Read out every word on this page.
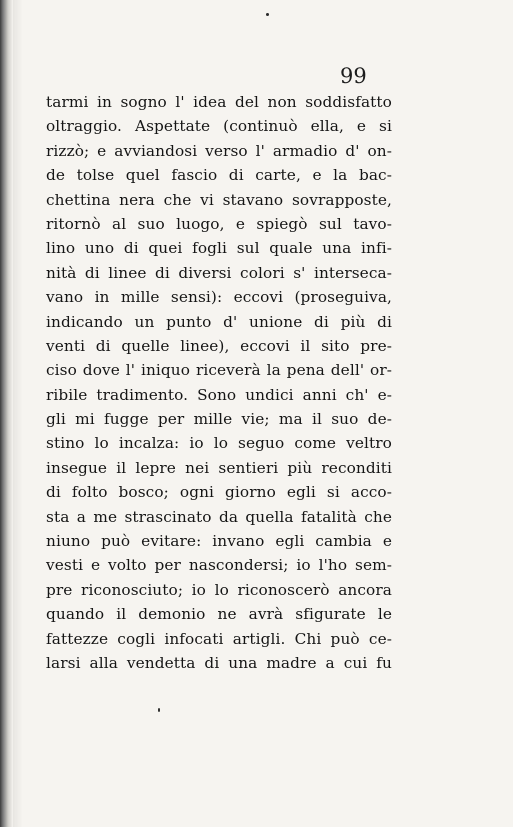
99
tarmi in sogno l' idea del non soddisfatto
oltraggio. Aspettate (continuò ella, e si
rizzò; e avviandosi verso l' armadio d' on-
de tolse quel fascio di carte, e la bac-
chettina nera che vi stavano sovrapposte,
ritornò al suo luogo, e spiegò sul tavo-
lino uno di quei fogli sul quale una infi-
nità di linee di diversi colori s' interseca-
vano in mille sensi): eccovi (proseguiva,
indicando un punto d' unione di più di
venti di quelle linee), eccovi il sito pre-
ciso dove l' iniquo riceverà la pena dell' or-
ribile tradimento. Sono undici anni ch' e-
gli mi fugge per mille vie; ma il suo de-
stino lo incalza: io lo seguo come veltro
insegue il lepre nei sentieri più reconditi
di folto bosco; ogni giorno egli si acco-
sta a me strascinato da quella fatalità che
niuno può evitare: invano egli cambia e
vesti e volto per nascondersi; io l'ho sem-
pre riconosciuto; io lo riconoscerò ancora
quando il demonio ne avrà sfigurate le
fattezze cogli infocati artigli. Chi può ce-
larsi alla vendetta di una madre a cui fu
